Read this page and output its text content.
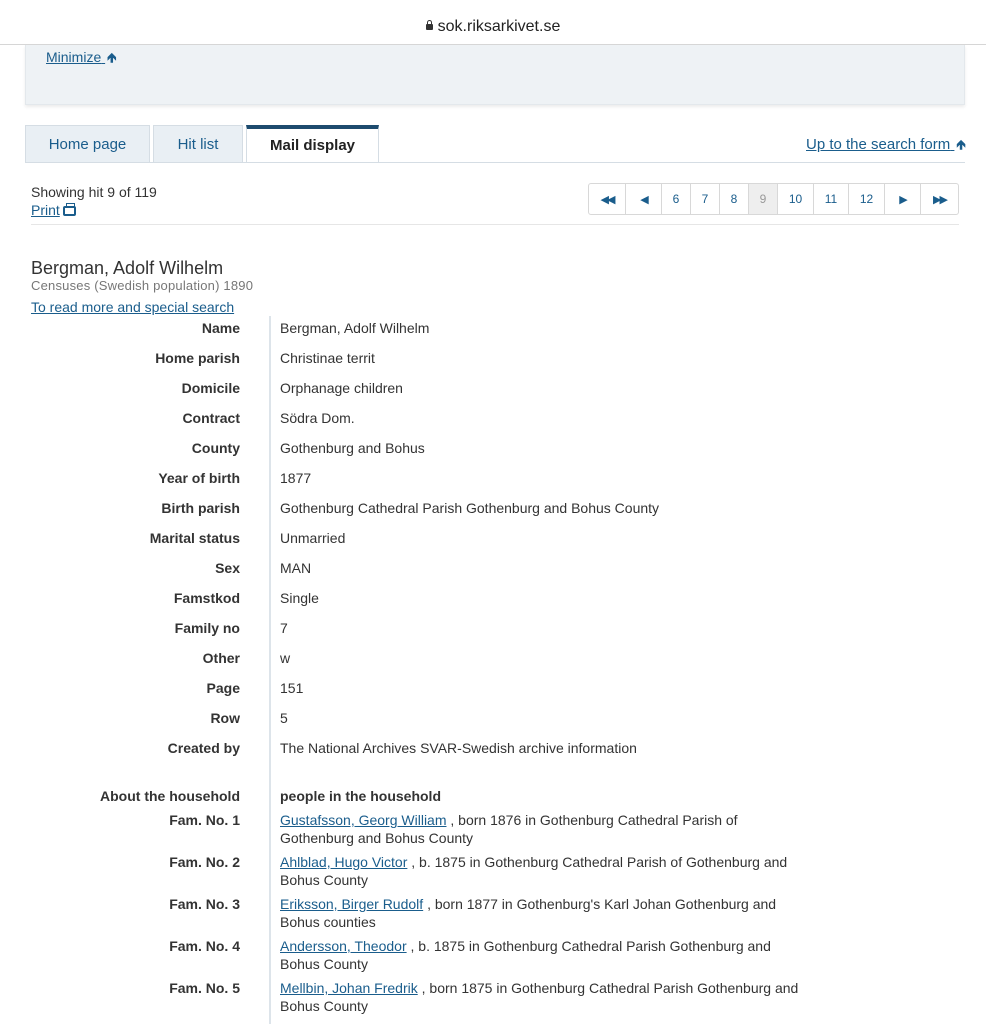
sok.riksarkivet.se
Minimize 🡹
Home page	Hit list	Mail display	Up to the search form 🡹
Showing hit 9 of 119
Print
◀◀	◀	6	7	8	9	10	11	12	▶	▶▶
Bergman, Adolf Wilhelm
Censuses (Swedish population) 1890
To read more and special search
Name	Bergman, Adolf Wilhelm
Home parish	Christinae territ
Domicile	Orphanage children
Contract	Södra Dom.
County	Gothenburg and Bohus
Year of birth	1877
Birth parish	Gothenburg Cathedral Parish Gothenburg and Bohus County
Marital status	Unmarried
Sex	MAN
Famstkod	Single
Family no	7
Other	w
Page	151
Row	5
Created by	The National Archives SVAR-Swedish archive information
About the household	people in the household
Fam. No. 1	Gustafsson, Georg William , born 1876 in Gothenburg Cathedral Parish of Gothenburg and Bohus County
Fam. No. 2	Ahlblad, Hugo Victor , b. 1875 in Gothenburg Cathedral Parish of Gothenburg and Bohus County
Fam. No. 3	Eriksson, Birger Rudolf , born 1877 in Gothenburg's Karl Johan Gothenburg and Bohus counties
Fam. No. 4	Andersson, Theodor , b. 1875 in Gothenburg Cathedral Parish Gothenburg and Bohus County
Fam. No. 5	Mellbin, Johan Fredrik , born 1875 in Gothenburg Cathedral Parish Gothenburg and Bohus County
